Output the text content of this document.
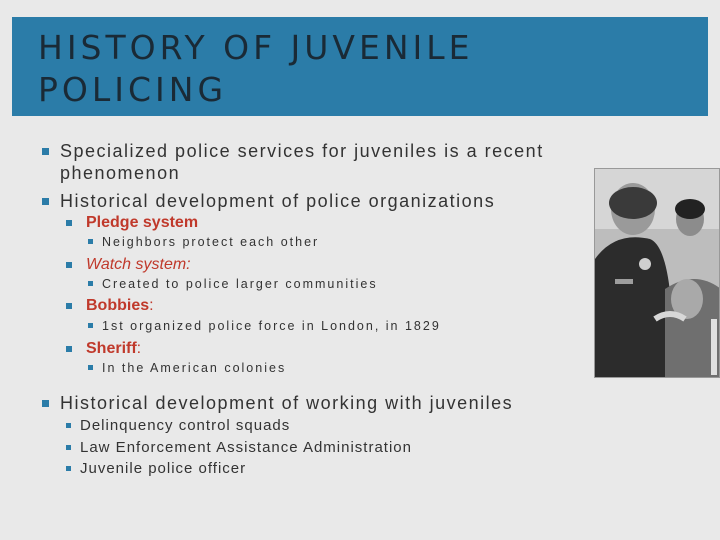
HISTORY OF JUVENILE
POLICING
Specialized police services for juveniles is a recent
phenomenon
Historical development of police organizations
Pledge system
Neighbors protect each other
Watch system:
Created to police larger communities
Bobbies:
1st organized police force in London, in 1829
Sheriff:
In the American colonies
Historical development of working with juveniles
Delinquency control squads
Law Enforcement Assistance Administration
Juvenile police officer
